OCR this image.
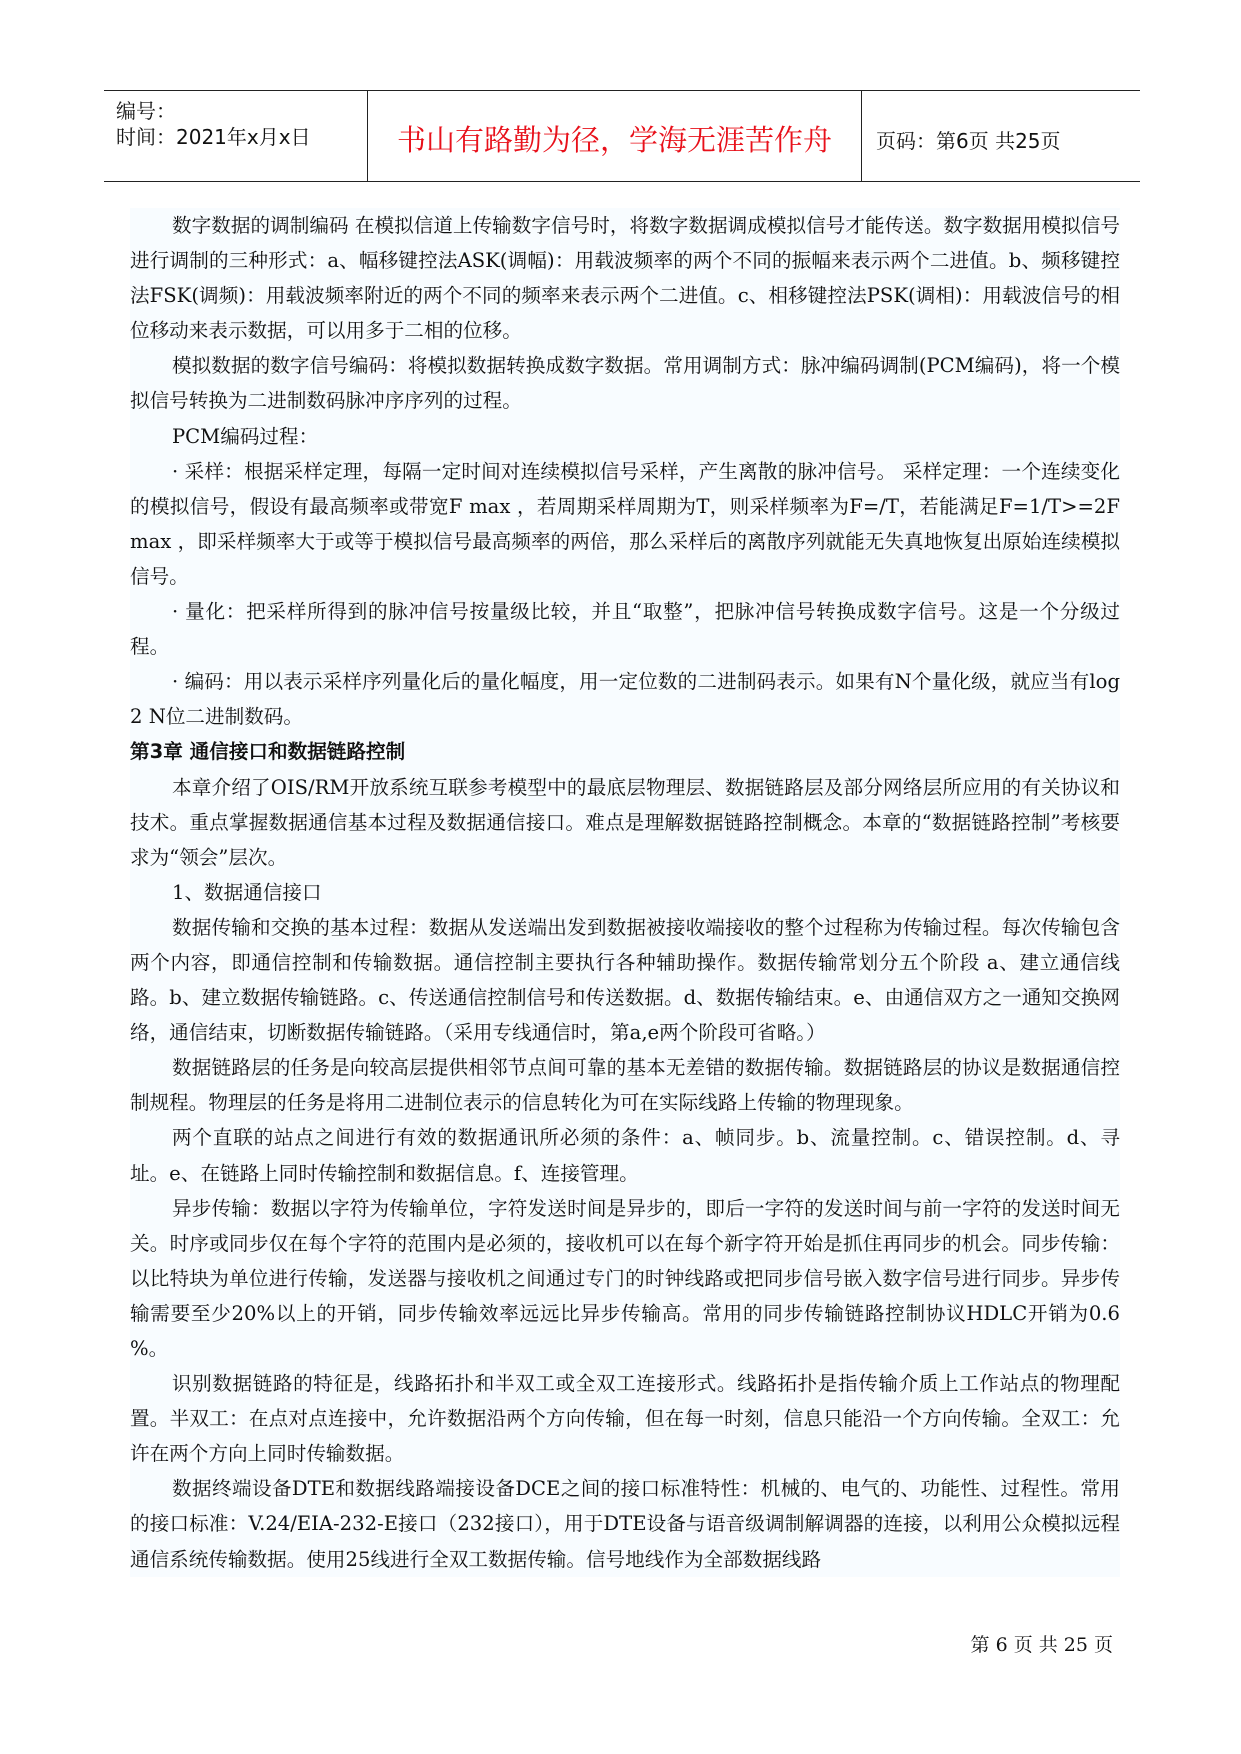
编号：
时间：2021年x月x日	书山有路勤为径，学海无涯苦作舟	页码：第6页 共25页

数字数据的调制编码 在模拟信道上传输数字信号时，将数字数据调成模拟信号才能传送。数字数据用模拟信号进行调制的三种形式：a、幅移键控法ASK(调幅)：用载波频率的两个不同的振幅来表示两个二进值。b、频移键控法FSK(调频)：用载波频率附近的两个不同的频率来表示两个二进值。c、相移键控法PSK(调相)：用载波信号的相位移动来表示数据，可以用多于二相的位移。

模拟数据的数字信号编码：将模拟数据转换成数字数据。常用调制方式：脉冲编码调制(PCM编码)，将一个模拟信号转换为二进制数码脉冲序序列的过程。

PCM编码过程：

· 采样：根据采样定理，每隔一定时间对连续模拟信号采样，产生离散的脉冲信号。 采样定理：一个连续变化的模拟信号，假设有最高频率或带宽F max ，若周期采样周期为T，则采样频率为F=/T，若能满足F=1/T>=2F max ，即采样频率大于或等于模拟信号最高频率的两倍，那么采样后的离散序列就能无失真地恢复出原始连续模拟信号。

· 量化：把采样所得到的脉冲信号按量级比较，并且“取整”，把脉冲信号转换成数字信号。这是一个分级过程。

· 编码：用以表示采样序列量化后的量化幅度，用一定位数的二进制码表示。如果有N个量化级，就应当有log 2 N位二进制数码。

第3章 通信接口和数据链路控制

本章介绍了OIS/RM开放系统互联参考模型中的最底层物理层、数据链路层及部分网络层所应用的有关协议和技术。重点掌握数据通信基本过程及数据通信接口。难点是理解数据链路控制概念。本章的“数据链路控制”考核要求为“领会”层次。

1、数据通信接口

数据传输和交换的基本过程：数据从发送端出发到数据被接收端接收的整个过程称为传输过程。每次传输包含两个内容，即通信控制和传输数据。通信控制主要执行各种辅助操作。数据传输常划分五个阶段 a、建立通信线路。b、建立数据传输链路。c、传送通信控制信号和传送数据。d、数据传输结束。e、由通信双方之一通知交换网络，通信结束，切断数据传输链路。（采用专线通信时，第a,e两个阶段可省略。）

数据链路层的任务是向较高层提供相邻节点间可靠的基本无差错的数据传输。数据链路层的协议是数据通信控制规程。物理层的任务是将用二进制位表示的信息转化为可在实际线路上传输的物理现象。

两个直联的站点之间进行有效的数据通讯所必须的条件：a、帧同步。b、流量控制。c、错误控制。d、寻址。e、在链路上同时传输控制和数据信息。f、连接管理。

异步传输：数据以字符为传输单位，字符发送时间是异步的，即后一字符的发送时间与前一字符的发送时间无关。时序或同步仅在每个字符的范围内是必须的，接收机可以在每个新字符开始是抓住再同步的机会。同步传输：以比特块为单位进行传输，发送器与接收机之间通过专门的时钟线路或把同步信号嵌入数字信号进行同步。异步传输需要至少20%以上的开销，同步传输效率远远比异步传输高。常用的同步传输链路控制协议HDLC开销为0.6 %。

识别数据链路的特征是，线路拓扑和半双工或全双工连接形式。线路拓扑是指传输介质上工作站点的物理配置。半双工：在点对点连接中，允许数据沿两个方向传输，但在每一时刻，信息只能沿一个方向传输。全双工：允许在两个方向上同时传输数据。

数据终端设备DTE和数据线路端接设备DCE之间的接口标准特性：机械的、电气的、功能性、过程性。常用的接口标准：V.24/EIA-232-E接口（232接口），用于DTE设备与语音级调制解调器的连接，以利用公众模拟远程通信系统传输数据。使用25线进行全双工数据传输。信号地线作为全部数据线路

第 6 页 共 25 页
